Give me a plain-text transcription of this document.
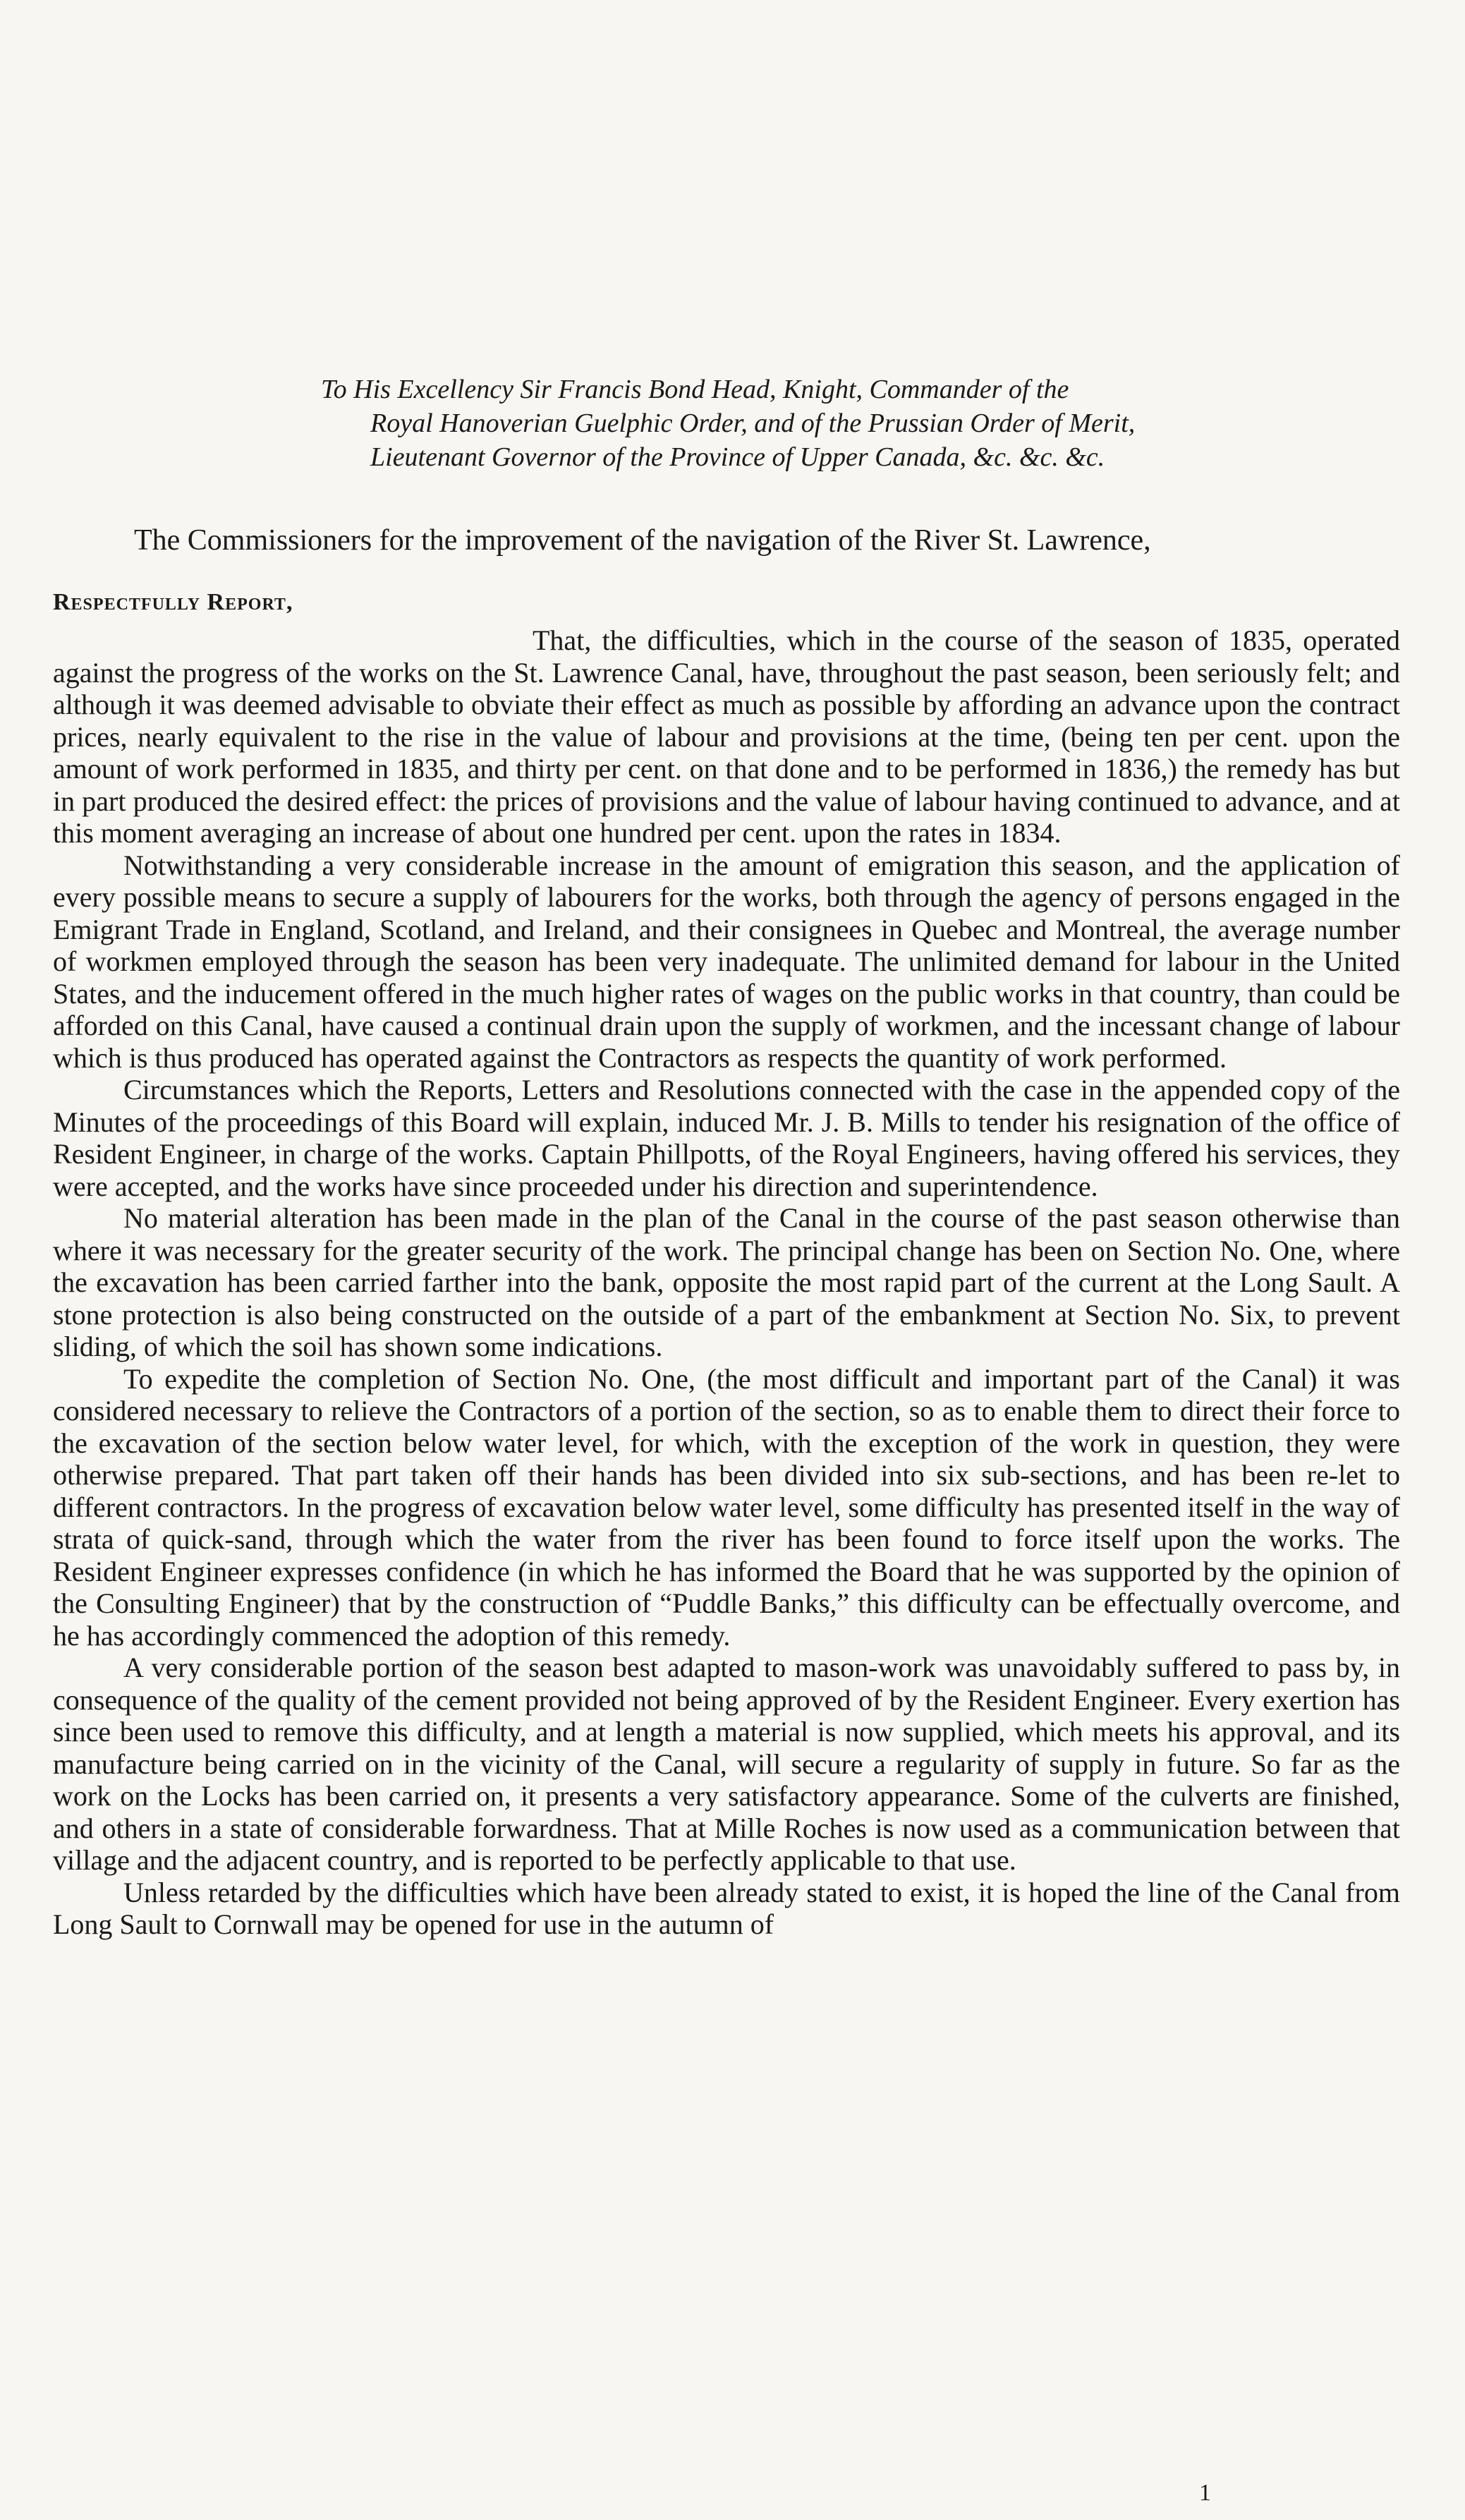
To His Excellency Sir Francis Bond Head, Knight, Commander of the
Royal Hanoverian Guelphic Order, and of the Prussian Order of Merit,
Lieutenant Governor of the Province of Upper Canada, &c. &c. &c.
The Commissioners for the improvement of the navigation of the River St. Lawrence,
Respectfully Report,

That, the difficulties, which in the course of the season of 1835, operated against the progress of the works on the St. Lawrence Canal, have, throughout the past season, been seriously felt; and although it was deemed advisable to obviate their effect as much as possible by affording an advance upon the contract prices, nearly equivalent to the rise in the value of labour and provisions at the time, (being ten per cent. upon the amount of work performed in 1835, and thirty per cent. on that done and to be performed in 1836,) the remedy has but in part produced the desired effect: the prices of provisions and the value of labour having continued to advance, and at this moment averaging an increase of about one hundred per cent. upon the rates in 1834.

Notwithstanding a very considerable increase in the amount of emigration this season, and the application of every possible means to secure a supply of labourers for the works, both through the agency of persons engaged in the Emigrant Trade in England, Scotland, and Ireland, and their consignees in Quebec and Montreal, the average number of workmen employed through the season has been very inadequate. The unlimited demand for labour in the United States, and the inducement offered in the much higher rates of wages on the public works in that country, than could be afforded on this Canal, have caused a continual drain upon the supply of workmen, and the incessant change of labour which is thus produced has operated against the Contractors as respects the quantity of work performed.

Circumstances which the Reports, Letters and Resolutions connected with the case in the appended copy of the Minutes of the proceedings of this Board will explain, induced Mr. J. B. Mills to tender his resignation of the office of Resident Engineer, in charge of the works. Captain Phillpotts, of the Royal Engineers, having offered his services, they were accepted, and the works have since proceeded under his direction and superintendence.

No material alteration has been made in the plan of the Canal in the course of the past season otherwise than where it was necessary for the greater security of the work. The principal change has been on Section No. One, where the excavation has been carried farther into the bank, opposite the most rapid part of the current at the Long Sault. A stone protection is also being constructed on the outside of a part of the embankment at Section No. Six, to prevent sliding, of which the soil has shown some indications.

To expedite the completion of Section No. One, (the most difficult and important part of the Canal) it was considered necessary to relieve the Contractors of a portion of the section, so as to enable them to direct their force to the excavation of the section below water level, for which, with the exception of the work in question, they were otherwise prepared. That part taken off their hands has been divided into six sub-sections, and has been re-let to different contractors. In the progress of excavation below water level, some difficulty has presented itself in the way of strata of quick-sand, through which the water from the river has been found to force itself upon the works. The Resident Engineer expresses confidence (in which he has informed the Board that he was supported by the opinion of the Consulting Engineer) that by the construction of “Puddle Banks,” this difficulty can be effectually overcome, and he has accordingly commenced the adoption of this remedy.

A very considerable portion of the season best adapted to mason-work was unavoidably suffered to pass by, in consequence of the quality of the cement provided not being approved of by the Resident Engineer. Every exertion has since been used to remove this difficulty, and at length a material is now supplied, which meets his approval, and its manufacture being carried on in the vicinity of the Canal, will secure a regularity of supply in future. So far as the work on the Locks has been carried on, it presents a very satisfactory appearance. Some of the culverts are finished, and others in a state of considerable forwardness. That at Mille Roches is now used as a communication between that village and the adjacent country, and is reported to be perfectly applicable to that use.

Unless retarded by the difficulties which have been already stated to exist, it is hoped the line of the Canal from Long Sault to Cornwall may be opened for use in the autumn of

1
